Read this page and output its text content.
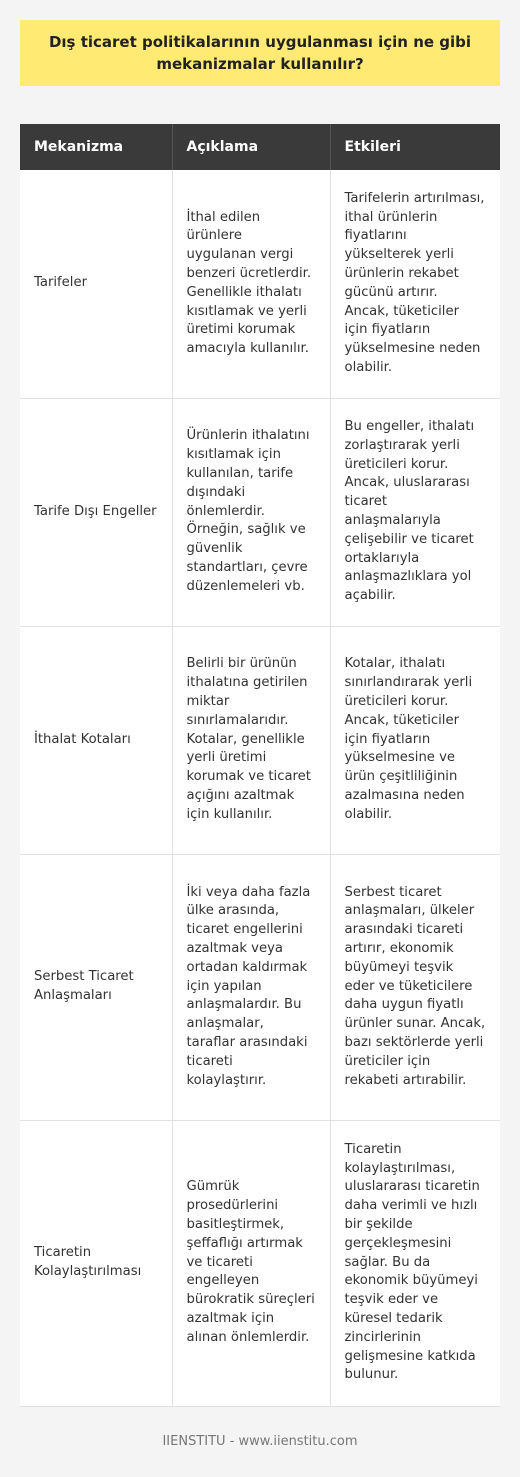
Dış ticaret politikalarının uygulanması için ne gibi mekanizmalar kullanılır?
Mekanizma	Açıklama	Etkileri
Tarifeler	İthal edilen ürünlere uygulanan vergi benzeri ücretlerdir. Genellikle ithalatı kısıtlamak ve yerli üretimi korumak amacıyla kullanılır.	Tarifelerin artırılması, ithal ürünlerin fiyatlarını yükselterek yerli ürünlerin rekabet gücünü artırır. Ancak, tüketiciler için fiyatların yükselmesine neden olabilir.
Tarife Dışı Engeller	Ürünlerin ithalatını kısıtlamak için kullanılan, tarife dışındaki önlemlerdir. Örneğin, sağlık ve güvenlik standartları, çevre düzenlemeleri vb.	Bu engeller, ithalatı zorlaştırarak yerli üreticileri korur. Ancak, uluslararası ticaret anlaşmalarıyla çelişebilir ve ticaret ortaklarıyla anlaşmazlıklara yol açabilir.
İthalat Kotaları	Belirli bir ürünün ithalatına getirilen miktar sınırlamalarıdır. Kotalar, genellikle yerli üretimi korumak ve ticaret açığını azaltmak için kullanılır.	Kotalar, ithalatı sınırlandırarak yerli üreticileri korur. Ancak, tüketiciler için fiyatların yükselmesine ve ürün çeşitliliğinin azalmasına neden olabilir.
Serbest Ticaret Anlaşmaları	İki veya daha fazla ülke arasında, ticaret engellerini azaltmak veya ortadan kaldırmak için yapılan anlaşmalardır. Bu anlaşmalar, taraflar arasındaki ticareti kolaylaştırır.	Serbest ticaret anlaşmaları, ülkeler arasındaki ticareti artırır, ekonomik büyümeyi teşvik eder ve tüketicilere daha uygun fiyatlı ürünler sunar. Ancak, bazı sektörlerde yerli üreticiler için rekabeti artırabilir.
Ticaretin Kolaylaştırılması	Gümrük prosedürlerini basitleştirmek, şeffaflığı artırmak ve ticareti engelleyen bürokratik süreçleri azaltmak için alınan önlemlerdir.	Ticaretin kolaylaştırılması, uluslararası ticaretin daha verimli ve hızlı bir şekilde gerçekleşmesini sağlar. Bu da ekonomik büyümeyi teşvik eder ve küresel tedarik zincirlerinin gelişmesine katkıda bulunur.
IIENSTITU - www.iienstitu.com
